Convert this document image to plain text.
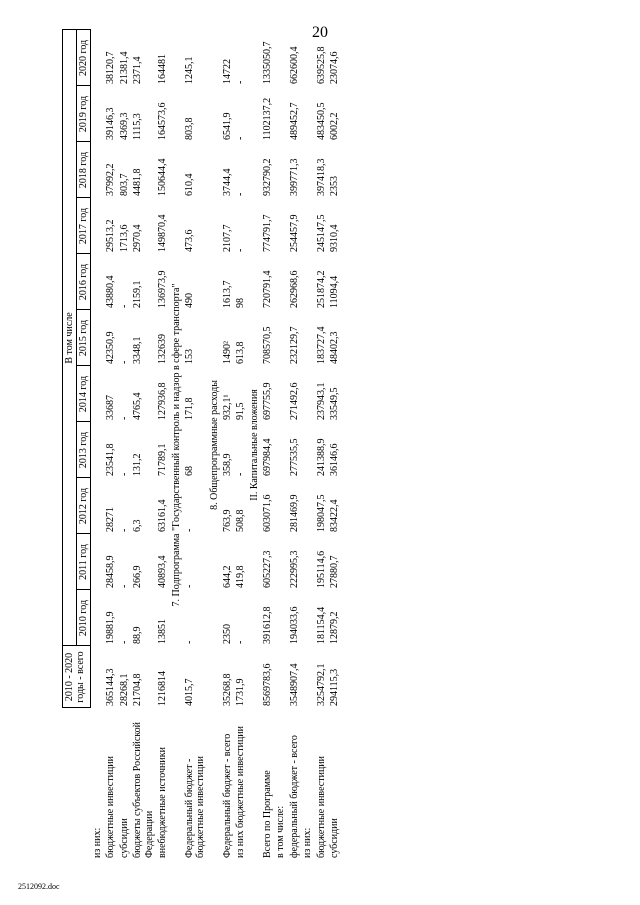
20
	2010 - 2020 годы - всего	В том числе										
		2010 год	2011 год	2012 год	2013 год	2014 год	2015 год	2016 год	2017 год	2018 год	2019 год	2020 год
из них:												
бюджетные инвестиции	365144,3	19881,9	28458,9	28271	23541,8	33687	42350,9	43880,4	29513,2	37992,2	39146,3	38120,7
субсидии	28268,1	-	-	-	-	-	-	-	1713,6	803,7	4369,3	21381,4
бюджеты субъектов Российской Федерации	21704,8	88,9	266,9	6,3	131,2	4765,4	3348,1	2159,1	2970,4	4481,8	1115,3	2371,4
внебюджетные источники	1216814	13851	40893,4	63161,4	71789,1	127936,8	132639	136973,9	149870,4	150644,4	164573,6	164481
7. Подпрограмма "Государственный контроль и надзор в сфере транспорта"												
Федеральный бюджет - бюджетные инвестиции	4015,7	-	-	-	68	171,8	153	490	473,6	610,4	803,8	1245,1
8. Общепрограммные расходы												
Федеральный бюджет - всего	35268,8	2350	644,2	763,9	358,9	932,1¹	1490²	1613,7	2107,7	3744,4	6541,9	14722
из них бюджетные инвестиции	1731,9	-	419,8	508,8	-	91,5	613,8	98	-	-	-	-
II. Капитальные вложения												
Всего по Программе	8569783,6	391612,8	605227,3	603071,6	697984,4	697755,9	708570,5	720791,4	774791,7	932790,2	1102137,2	1335050,7
в том числе:												
федеральный бюджет - всего	3548907,4	194033,6	222995,3	281469,9	277535,5	271492,6	232129,7	262968,6	254457,9	399771,3	489452,7	662600,4
из них:												
бюджетные инвестиции	3254792,1	181154,4	195114,6	198047,5	241388,9	237943,1	183727,4	251874,2	245147,5	397418,3	483450,5	639525,8
субсидии	294115,3	12879,2	27880,7	83422,4	36146,6	33549,5	48402,3	11094,4	9310,4	2353	6002,2	23074,6
2512092.doc
